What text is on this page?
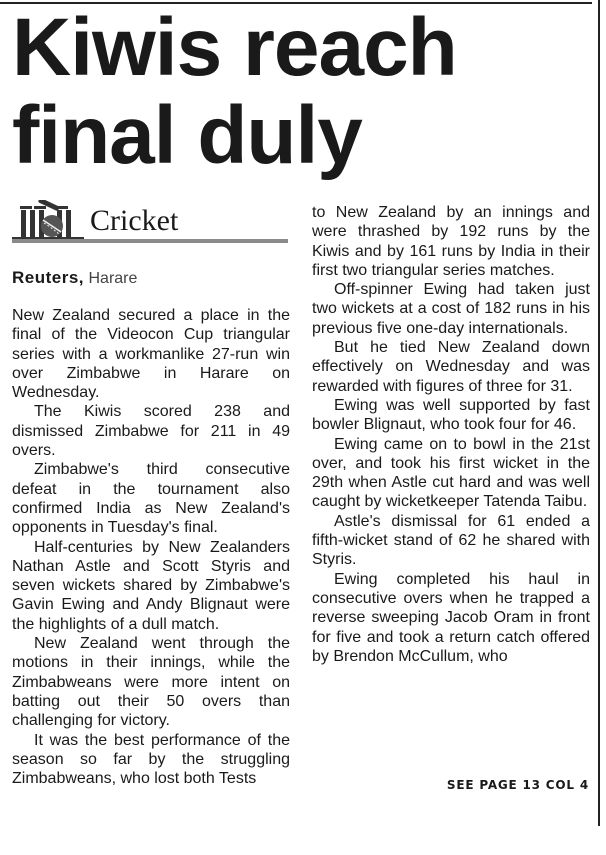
Kiwis reach
final duly
Cricket
Reuters, Harare

New Zealand secured a place in the final of the Videocon Cup triangular series with a workmanlike 27-run win over Zimbabwe in Harare on Wednesday.

The Kiwis scored 238 and dismissed Zimbabwe for 211 in 49 overs.

Zimbabwe's third consecutive defeat in the tournament also confirmed India as New Zealand's opponents in Tuesday's final.

Half-centuries by New Zealanders Nathan Astle and Scott Styris and seven wickets shared by Zimbabwe's Gavin Ewing and Andy Blignaut were the highlights of a dull match.

New Zealand went through the motions in their innings, while the Zimbabweans were more intent on batting out their 50 overs than challenging for victory.

It was the best performance of the season so far by the struggling Zimbabweans, who lost both Tests

to New Zealand by an innings and were thrashed by 192 runs by the Kiwis and by 161 runs by India in their first two triangular series matches.

Off-spinner Ewing had taken just two wickets at a cost of 182 runs in his previous five one-day internationals.

But he tied New Zealand down effectively on Wednesday and was rewarded with figures of three for 31.

Ewing was well supported by fast bowler Blignaut, who took four for 46.

Ewing came on to bowl in the 21st over, and took his first wicket in the 29th when Astle cut hard and was well caught by wicketkeeper Tatenda Taibu.

Astle's dismissal for 61 ended a fifth-wicket stand of 62 he shared with Styris.

Ewing completed his haul in consecutive overs when he trapped a reverse sweeping Jacob Oram in front for five and took a return catch offered by Brendon McCullum, who

SEE PAGE 13 COL 4
